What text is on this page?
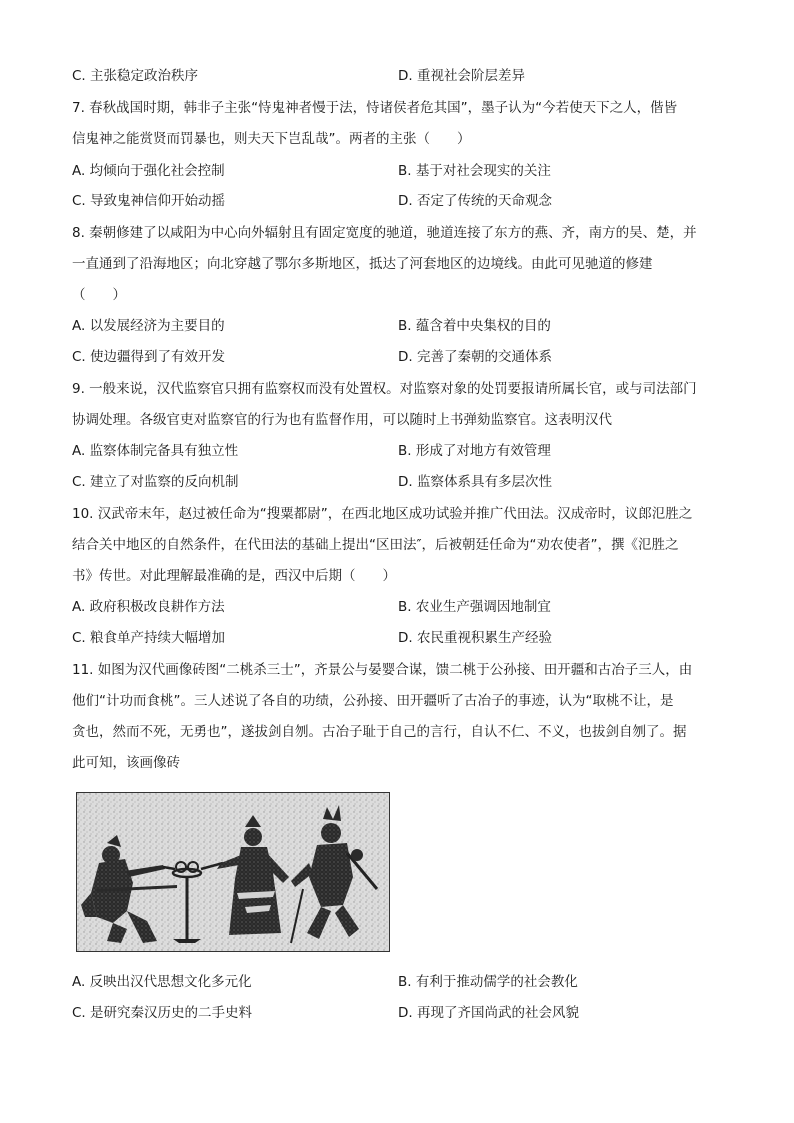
C. 主张稳定政治秩序	D. 重视社会阶层差异
7. 春秋战国时期，韩非子主张“恃鬼神者慢于法，恃诸侯者危其国”，墨子认为“今若使天下之人，偕皆
信鬼神之能赏贤而罚暴也，则夫天下岂乱哉”。两者的主张（　　）
A. 均倾向于强化社会控制	B. 基于对社会现实的关注
C. 导致鬼神信仰开始动摇	D. 否定了传统的天命观念
8. 秦朝修建了以咸阳为中心向外辐射且有固定宽度的驰道，驰道连接了东方的燕、齐，南方的吴、楚，并
一直通到了沿海地区；向北穿越了鄂尔多斯地区，抵达了河套地区的边境线。由此可见驰道的修建
（　　）
A. 以发展经济为主要目的	B. 蕴含着中央集权的目的
C. 使边疆得到了有效开发	D. 完善了秦朝的交通体系
9. 一般来说，汉代监察官只拥有监察权而没有处置权。对监察对象的处罚要报请所属长官，或与司法部门
协调处理。各级官吏对监察官的行为也有监督作用，可以随时上书弹劾监察官。这表明汉代
A. 监察体制完备具有独立性	B. 形成了对地方有效管理
C. 建立了对监察的反向机制	D. 监察体系具有多层次性
10. 汉武帝末年，赵过被任命为“搜粟都尉”，在西北地区成功试验并推广代田法。汉成帝时，议郎氾胜之
结合关中地区的自然条件，在代田法的基础上提出“区田法″，后被朝廷任命为“劝农使者”，撰《氾胜之
书》传世。对此理解最准确的是，西汉中后期（　　）
A. 政府积极改良耕作方法	B. 农业生产强调因地制宜
C. 粮食单产持续大幅增加	D. 农民重视积累生产经验
11. 如图为汉代画像砖图“二桃杀三士”，齐景公与晏婴合谋，馈二桃于公孙接、田开疆和古冶子三人，由
他们“计功而食桃”。三人述说了各自的功绩，公孙接、田开疆听了古冶子的事迹，认为“取桃不让，是
贪也，然而不死，无勇也”，遂拔剑自刎。古冶子耻于自己的言行，自认不仁、不义，也拔剑自刎了。据
此可知，该画像砖
A. 反映出汉代思想文化多元化	B. 有利于推动儒学的社会教化
C. 是研究秦汉历史的二手史料	D. 再现了齐国尚武的社会风貌
